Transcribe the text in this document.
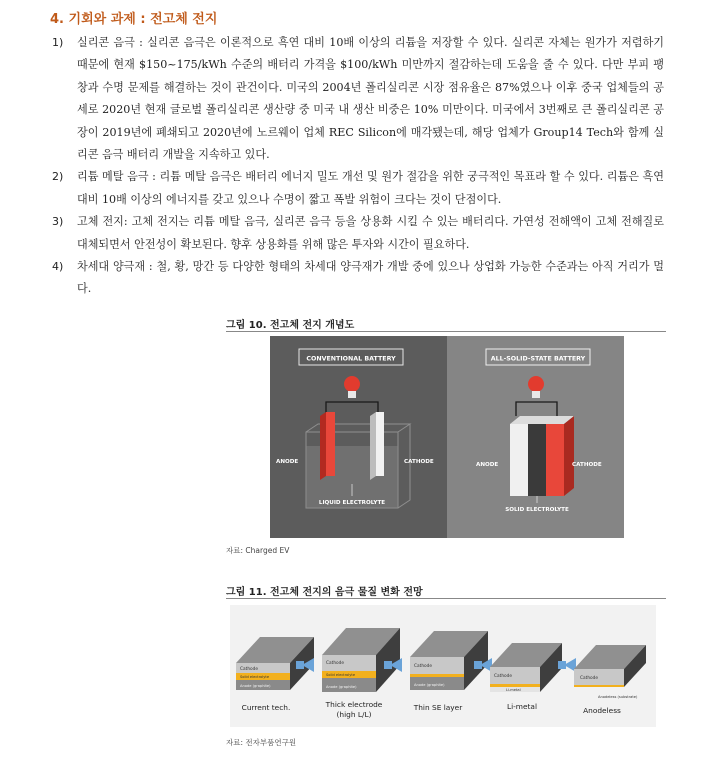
4. 기회와 과제 : 전고체 전지
1)	실리콘 음극 : 실리콘 음극은 이론적으로 흑연 대비 10배 이상의 리튬을 저장할 수 있다. 실리콘 자체는 원가가 저렴하기 때문에 현재 $150~175/kWh 수준의 배터리 가격을 $100/kWh 미만까지 절감하는데 도움을 줄 수 있다. 다만 부피 팽창과 수명 문제를 해결하는 것이 관건이다. 미국의 2004년 폴리실리콘 시장 점유율은 87%였으나 이후 중국 업체들의 공세로 2020년 현재 글로벌 폴리실리콘 생산량 중 미국 내 생산 비중은 10% 미만이다. 미국에서 3번째로 큰 폴리실리콘 공장이 2019년에 폐쇄되고 2020년에 노르웨이 업체 REC Silicon에 매각됐는데, 해당 업체가 Group14 Tech와 함께 실리콘 음극 배터리 개발을 지속하고 있다.
2)	리튬 메탈 음극 : 리튬 메탈 음극은 배터리 에너지 밀도 개선 및 원가 절감을 위한 궁극적인 목표라 할 수 있다. 리튬은 흑연 대비 10배 이상의 에너지를 갖고 있으나 수명이 짧고 폭발 위험이 크다는 것이 단점이다.
3)	고체 전지: 고체 전지는 리튬 메탈 음극, 실리콘 음극 등을 상용화 시킬 수 있는 배터리다. 가연성 전해액이 고체 전해질로 대체되면서 안전성이 확보된다. 향후 상용화를 위해 많은 투자와 시간이 필요하다.
4)	차세대 양극재 : 철, 황, 망간 등 다양한 형태의 차세대 양극재가 개발 중에 있으나 상업화 가능한 수준과는 아직 거리가 멀다.
그림 10. 전고체 전지 개념도
CONVENTIONAL BATTERY	ALL-SOLID-STATE BATTERY
ANODE	CATHODE
LIQUID ELECTROLYTE
ANODE	CATHODE
SOLID ELECTROLYTE
자료: Charged EV
그림 11. 전고체 전지의 음극 물질 변화 전망
Cathode
Solid electrolyte
Anode (graphite)
Cathode
Solid electrolyte
Anode (graphite)
Cathode
Anode (graphite)
Cathode
Li-metal
Cathode
Anodeless (substrate)
Current tech.	Thick electrode
(high L/L)
Thin SE layer	Li-metal	Anodeless
자료: 전자부품연구원
